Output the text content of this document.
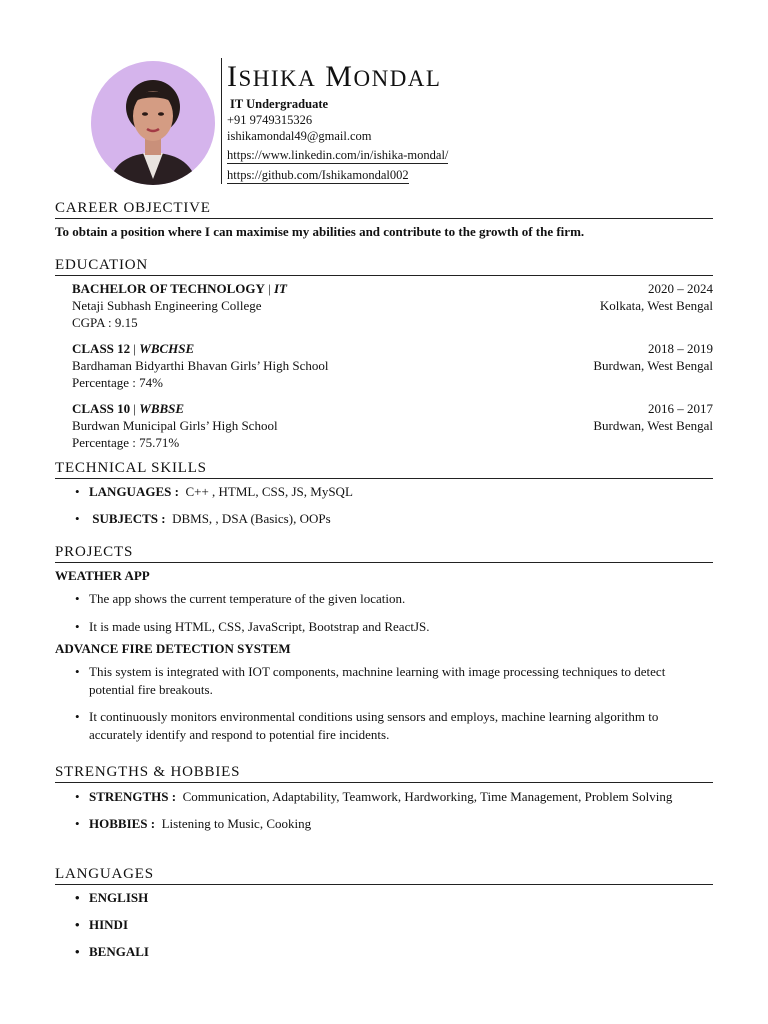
ISHIKA MONDAL
IT Undergraduate
+91 9749315326
ishikamondal49@gmail.com
https://www.linkedin.com/in/ishika-mondal/
https://github.com/Ishikamondal002
CAREER OBJECTIVE
To obtain a position where I can maximise my abilities and contribute to the growth of the firm.
EDUCATION
BACHELOR OF TECHNOLOGY | IT	2020 – 2024
Netaji Subhash Engineering College	Kolkata, West Bengal
CGPA : 9.15
CLASS 12 | WBCHSE	2018 – 2019
Bardhaman Bidyarthi Bhavan Girls’ High School	Burdwan, West Bengal
Percentage : 74%
CLASS 10 | WBBSE	2016 – 2017
Burdwan Municipal Girls’ High School	Burdwan, West Bengal
Percentage : 75.71%
TECHNICAL SKILLS
• LANGUAGES : C++ , HTML, CSS, JS, MySQL
• SUBJECTS : DBMS, , DSA (Basics), OOPs
PROJECTS
WEATHER APP
• The app shows the current temperature of the given location.
• It is made using HTML, CSS, JavaScript, Bootstrap and ReactJS.
ADVANCE FIRE DETECTION SYSTEM
• This system is integrated with IOT components, machnine learning with image processing techniques to detect potential fire breakouts.
• It continuously monitors environmental conditions using sensors and employs, machine learning algorithm to accurately identify and respond to potential fire incidents.
STRENGTHS & HOBBIES
• STRENGTHS : Communication, Adaptability, Teamwork, Hardworking, Time Management, Problem Solving
• HOBBIES : Listening to Music, Cooking
LANGUAGES
• ENGLISH
• HINDI
• BENGALI
